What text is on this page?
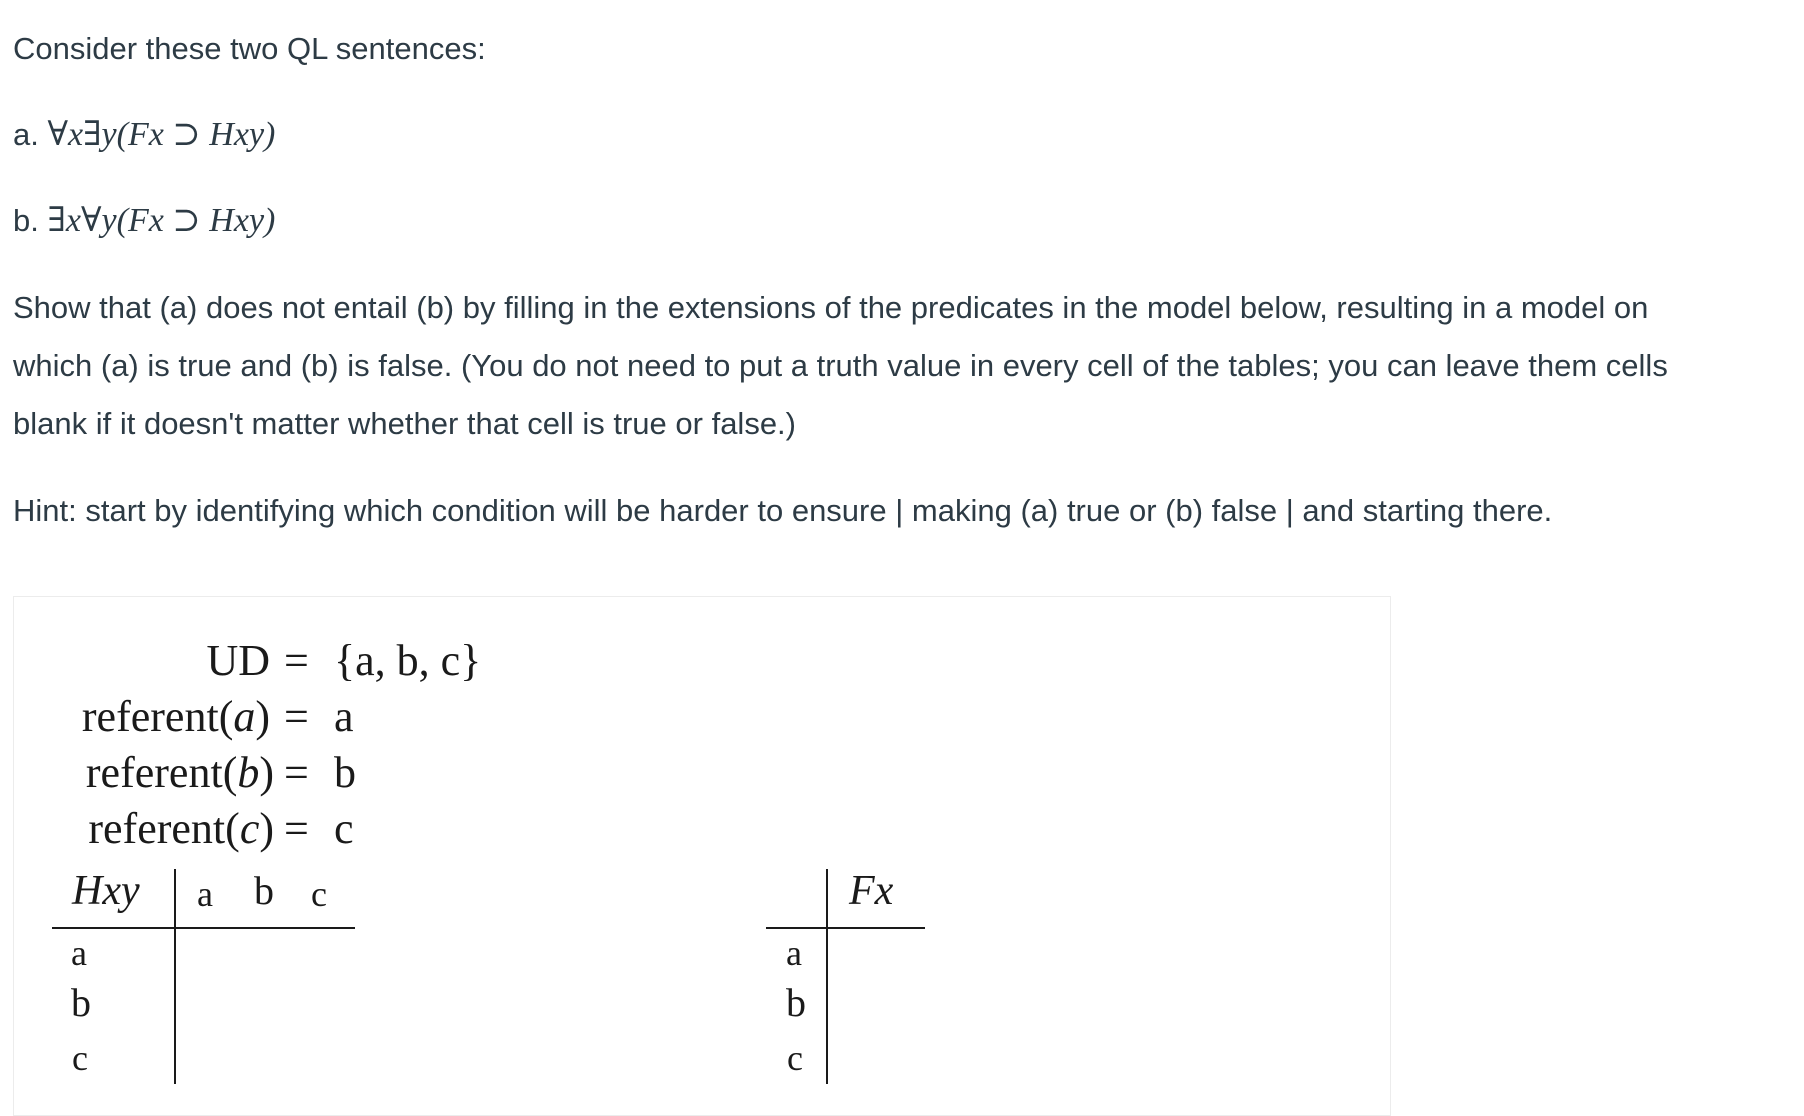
Consider these two QL sentences:

a. ∀x∃y(Fx ⊃ Hxy)

b. ∃x∀y(Fx ⊃ Hxy)

Show that (a) does not entail (b) by filling in the extensions of the predicates in the model below, resulting in a model on

which (a) is true and (b) is false. (You do not need to put a truth value in every cell of the tables; you can leave them cells

blank if it doesn't matter whether that cell is true or false.)

Hint: start by identifying which condition will be harder to ensure | making (a) true or (b) false | and starting there.

UD = {a, b, c}
referent(a) = a
referent(b) = b
referent(c) = c
Hxy a b c
a
b
c
Fx
a
b
c
